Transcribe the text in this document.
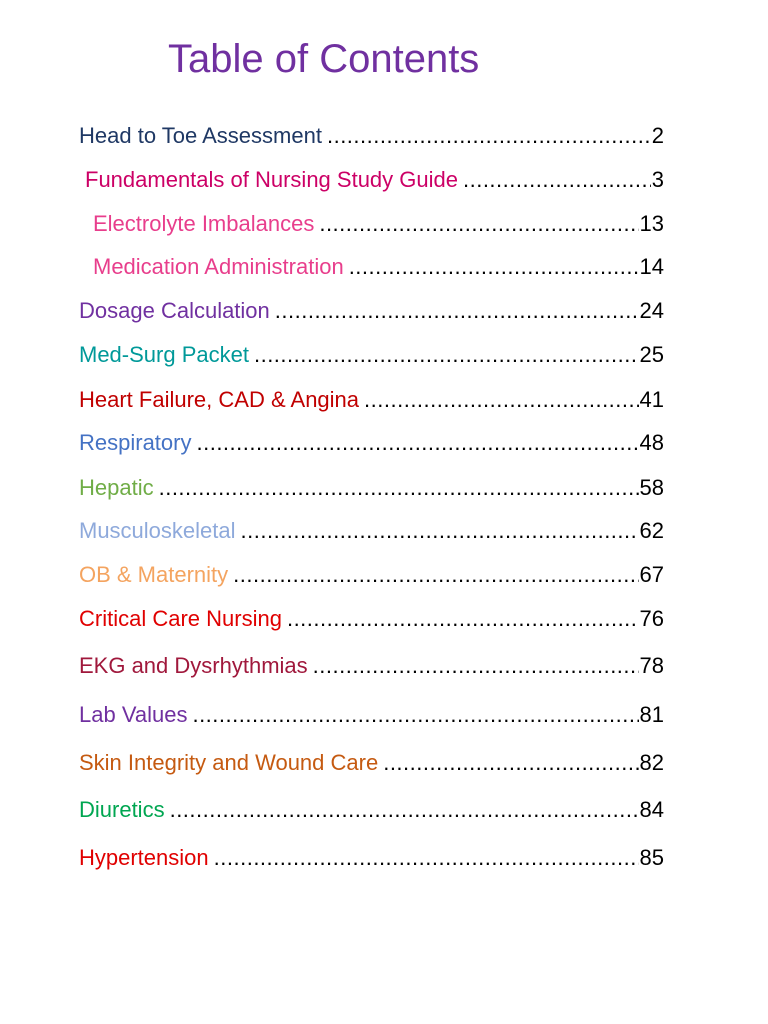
Table of Contents
Head to Toe Assessment .....	2
Fundamentals of Nursing Study Guide .....	3
Electrolyte Imbalances .....	13
Medication Administration .....	14
Dosage Calculation .....	24
Med-Surg Packet .....	25
Heart Failure, CAD & Angina .....	41
Respiratory .....	48
Hepatic .....	58
Musculoskeletal .....	62
OB & Maternity .....	67
Critical Care Nursing .....	76
EKG and Dysrhythmias .....	78
Lab Values .....	81
Skin Integrity and Wound Care .....	82
Diuretics .....	84
Hypertension .....	85
